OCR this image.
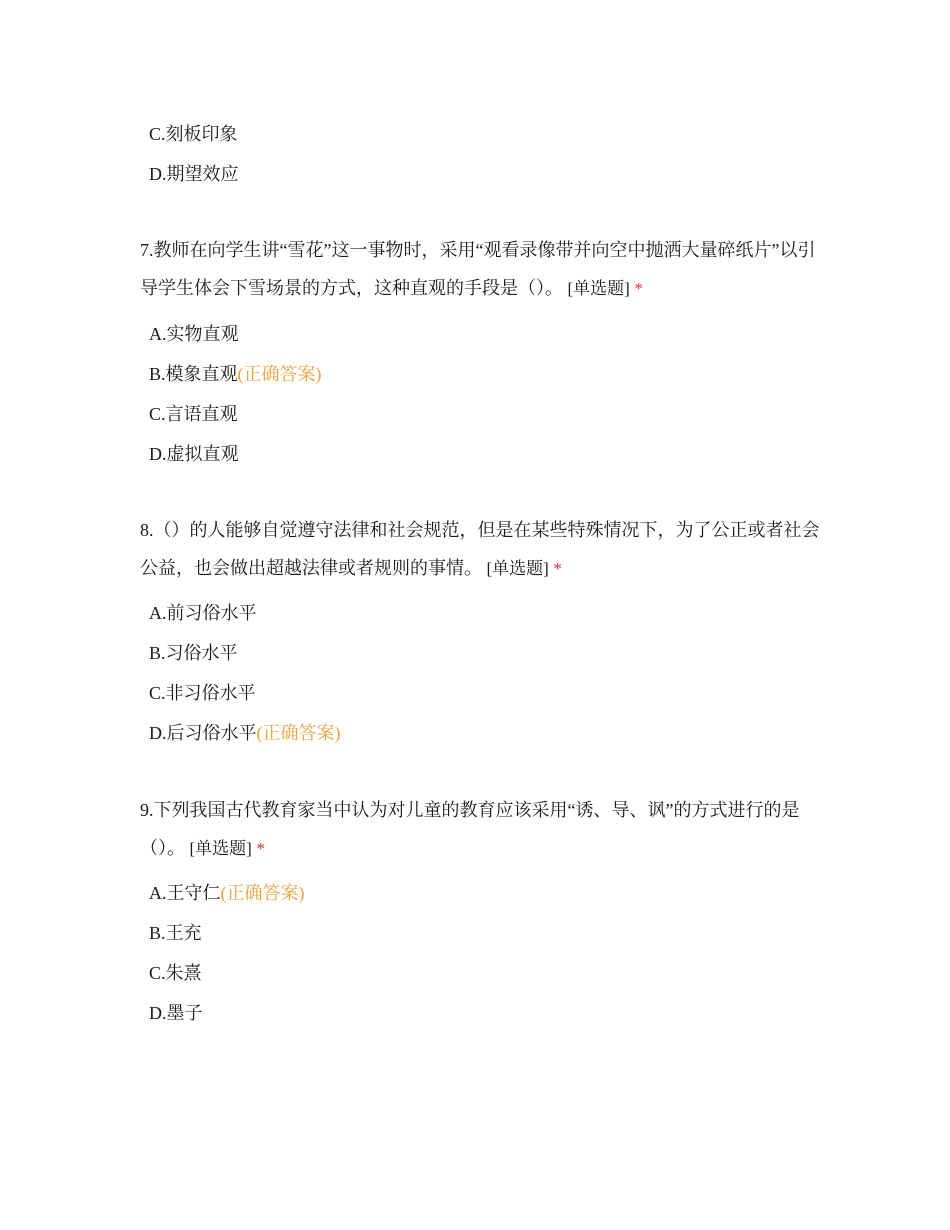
C.刻板印象
D.期望效应
7.教师在向学生讲“雪花”这一事物时，采用“观看录像带并向空中抛洒大量碎纸片”以引导学生体会下雪场景的方式，这种直观的手段是（）。 [单选题] *
A.实物直观
B.模象直观(正确答案)
C.言语直观
D.虚拟直观
8.（）的人能够自觉遵守法律和社会规范，但是在某些特殊情况下，为了公正或者社会公益，也会做出超越法律或者规则的事情。 [单选题] *
A.前习俗水平
B.习俗水平
C.非习俗水平
D.后习俗水平(正确答案)
9.下列我国古代教育家当中认为对儿童的教育应该采用“诱、导、讽”的方式进行的是（）。 [单选题] *
A.王守仁(正确答案)
B.王充
C.朱熹
D.墨子
